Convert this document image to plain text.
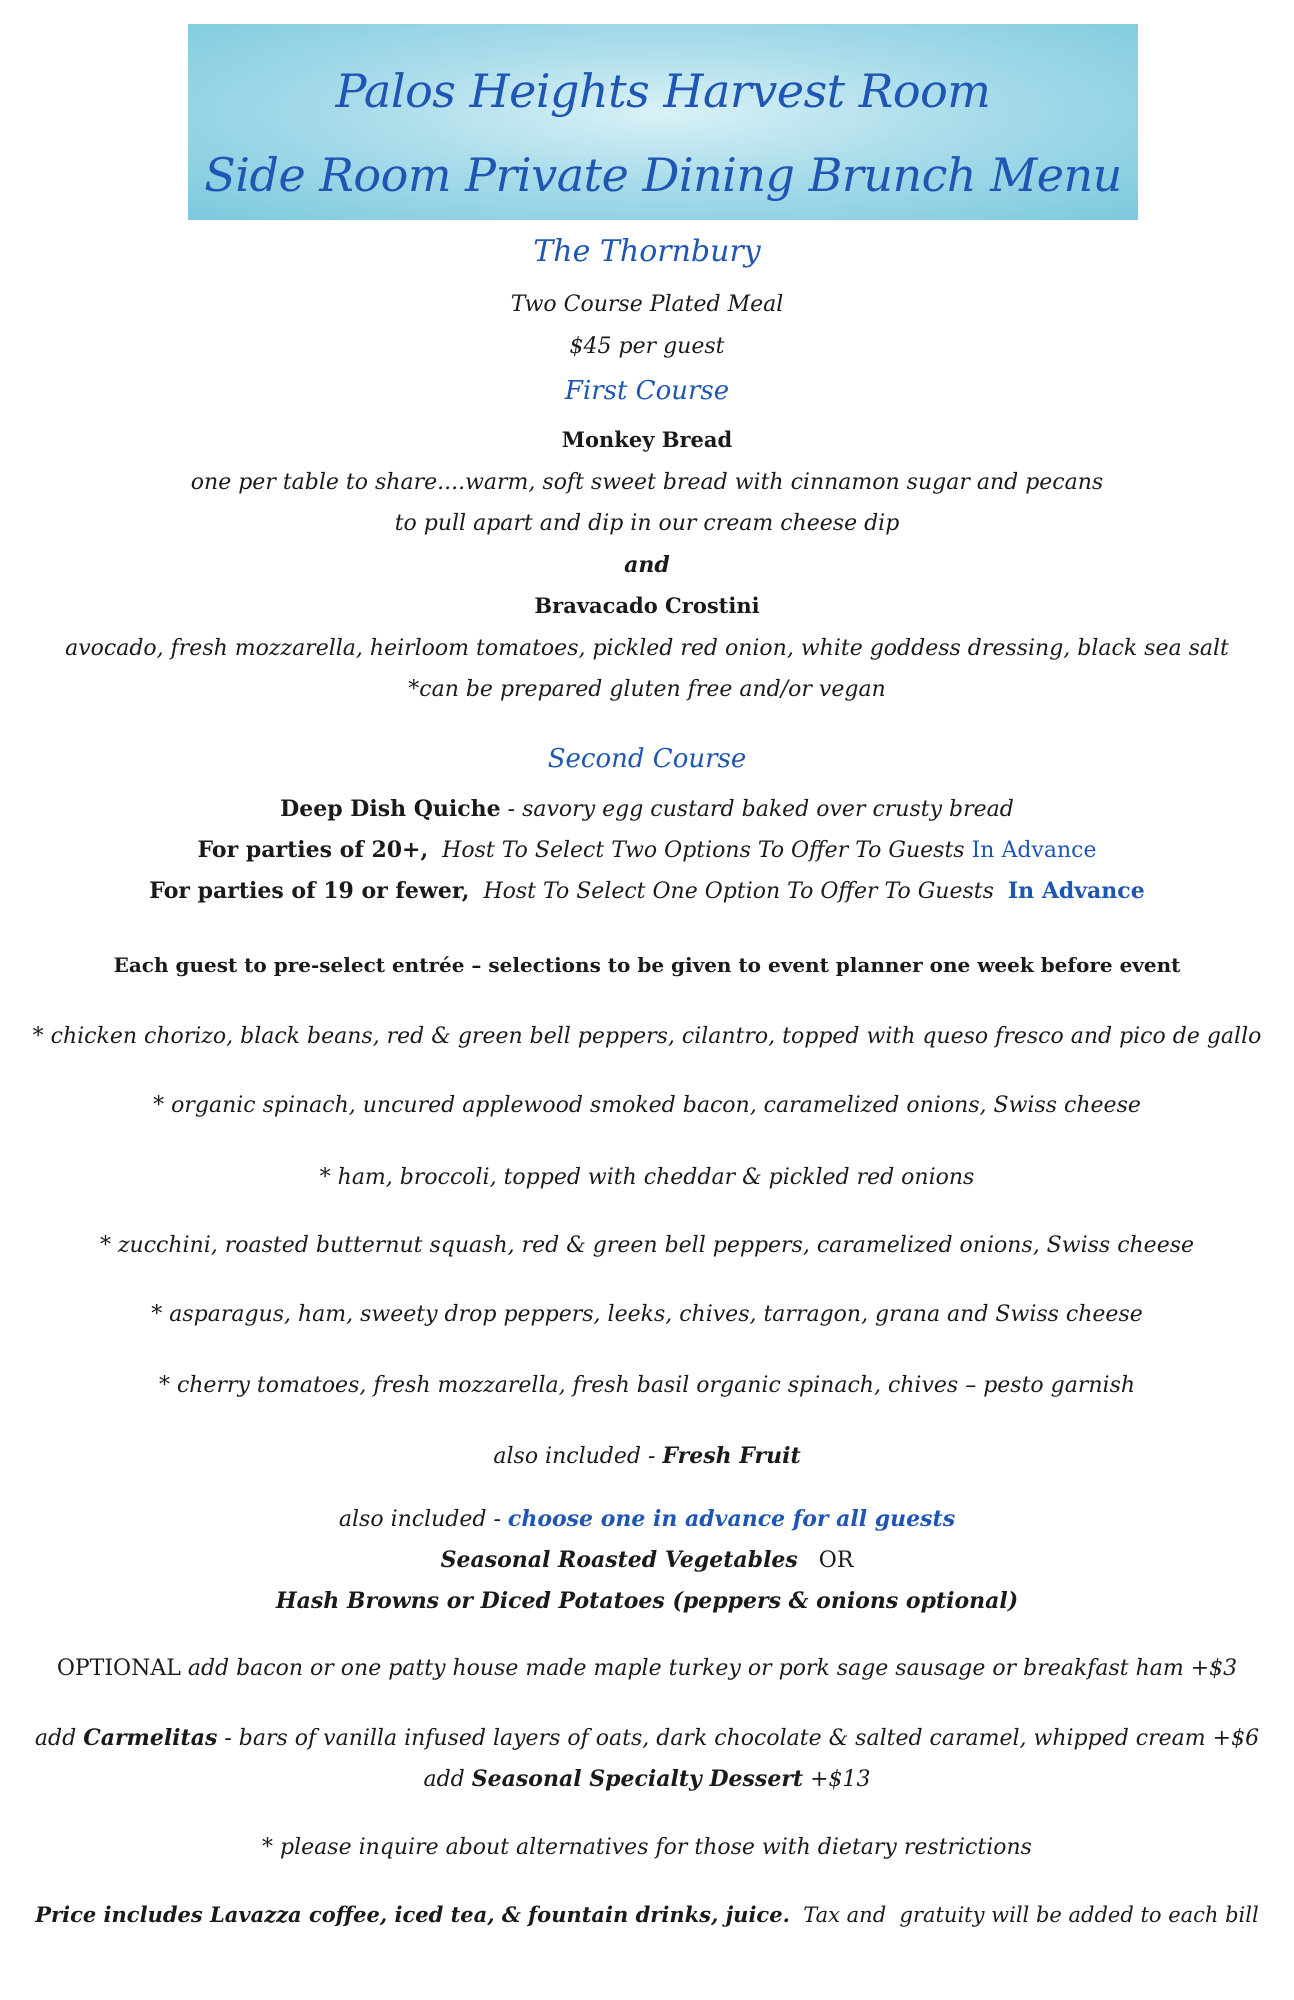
Palos Heights Harvest Room
Side Room Private Dining Brunch Menu
The Thornbury
Two Course Plated Meal
$45 per guest
First Course
Monkey Bread
one per table to share....warm, soft sweet bread with cinnamon sugar and pecans
to pull apart and dip in our cream cheese dip
and
Bravacado Crostini
avocado, fresh mozzarella, heirloom tomatoes, pickled red onion, white goddess dressing, black sea salt
*can be prepared gluten free and/or vegan
Second Course
Deep Dish Quiche - savory egg custard baked over crusty bread
For parties of 20+,  Host To Select Two Options To Offer To Guests In Advance
For parties of 19 or fewer,  Host To Select One Option To Offer To Guests  In Advance
Each guest to pre-select entrée – selections to be given to event planner one week before event
* chicken chorizo, black beans, red & green bell peppers, cilantro, topped with queso fresco and pico de gallo
* organic spinach, uncured applewood smoked bacon, caramelized onions, Swiss cheese
* ham, broccoli, topped with cheddar & pickled red onions
* zucchini, roasted butternut squash, red & green bell peppers, caramelized onions, Swiss cheese
* asparagus, ham, sweety drop peppers, leeks, chives, tarragon, grana and Swiss cheese
* cherry tomatoes, fresh mozzarella, fresh basil organic spinach, chives – pesto garnish
also included - Fresh Fruit
also included - choose one in advance for all guests
Seasonal Roasted Vegetables   OR
Hash Browns or Diced Potatoes (peppers & onions optional)
OPTIONAL add bacon or one patty house made maple turkey or pork sage sausage or breakfast ham +$3
add Carmelitas - bars of vanilla infused layers of oats, dark chocolate & salted caramel, whipped cream +$6
add Seasonal Specialty Dessert +$13
* please inquire about alternatives for those with dietary restrictions
Price includes Lavazza coffee, iced tea, & fountain drinks, juice.  Tax and  gratuity will be added to each bill
